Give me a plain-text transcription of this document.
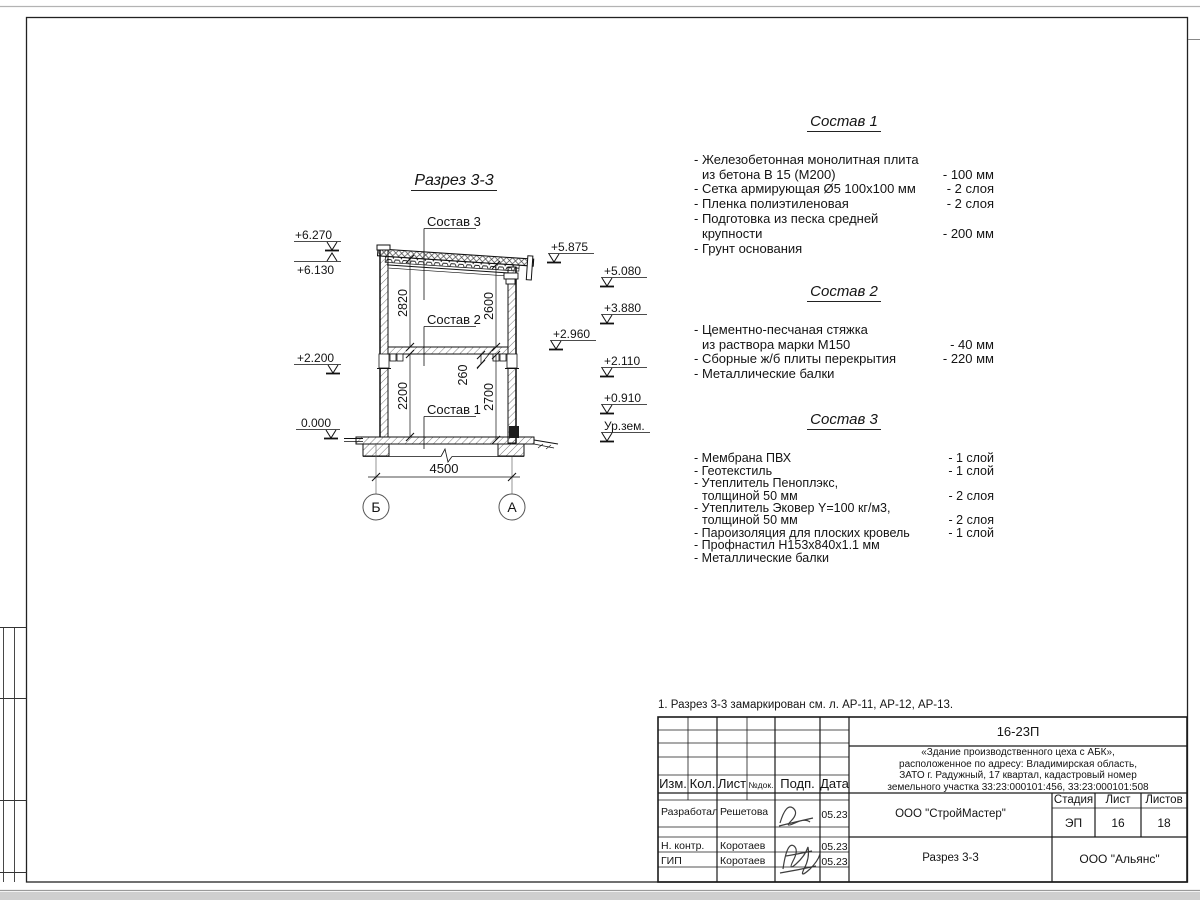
Разрез 3-3
Состав 3
Состав 2
Состав 1
+6.270
+6.130
+2.200
0.000
+5.875
+5.080
+3.880
+2.960
+2.110
+0.910
Ур.зем.
2820	2600
2200
260
2700
4500
Б	А
Состав 1
- Железобетонная монолитная плита
из бетона В 15 (М200)	- 100 мм
- Сетка армирующая Ø5 100х100 мм	- 2 слоя
- Пленка полиэтиленовая	- 2 слоя
- Подготовка из песка средней
крупности	- 200 мм
- Грунт основания
Состав 2
- Цементно-песчаная стяжка
из раствора марки М150	- 40 мм
- Сборные ж/б плиты перекрытия	- 220 мм
- Металлические балки
Состав 3
- Мембрана ПВХ	- 1 слой
- Геотекстиль	- 1 слой
- Утеплитель Пеноплэкс,
толщиной 50 мм	- 2 слоя
- Утеплитель Эковер Y=100 кг/м3,
толщиной 50 мм	- 2 слоя
- Пароизоляция для плоских кровель	- 1 слой
- Профнастил Н153х840х1.1 мм
- Металлические балки
1. Разрез 3-3 замаркирован см. л. АР-11, АР-12, АР-13.
Изм. Кол. Лист №док. Подп. Дата
Разработал Решетова	05.23
Н. контр. Коротаев	05.23
ГИП	Коротаев	05.23
16-23П
«Здание производственного цеха с АБК»,
расположенное по адресу: Владимирская область,
ЗАТО г. Радужный, 17 квартал, кадастровый номер
земельного участка 33:23:000101:456, 33:23:000101:508
ООО "СтройМастер"
Разрез 3-3
Стадия	Лист	Листов
ЭП	16	18
ООО "Альянс"
